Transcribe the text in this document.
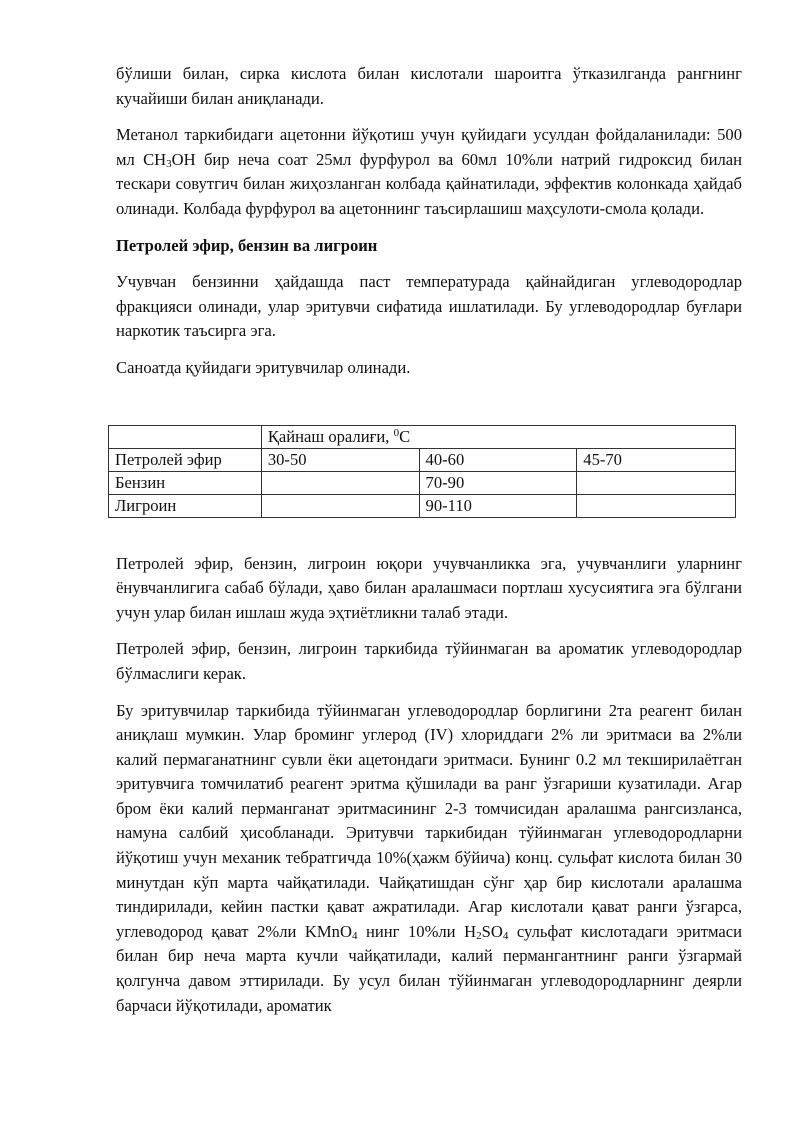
бўлиши билан, сирка кислота билан кислотали шароитга ўтказилганда рангнинг кучайиши билан аниқланади.

Метанол таркибидаги ацетонни йўқотиш учун қуйидаги усулдан фойдаланилади: 500 мл $CH_3OH$ бир неча соат 25мл фурфурол ва 60мл 10%ли натрий гидроксид билан тескари совутгич билан жиҳозланган колбада қайнатилади, эффектив колонкада ҳайдаб олинади. Колбада фурфурол ва ацетоннинг таъсирлашиш маҳсулоти-смола қолади.

Петролей эфир, бензин ва лигроин

Учувчан бензинни ҳайдашда паст температурада қайнайдиган углеводородлар фракцияси олинади, улар эритувчи сифатида ишлатилади. Бу углеводородлар буғлари наркотик таъсирга эга.

Саноатда қуйидаги эритувчилар олинади.

	Қайнаш оралиғи, $^0$С		
Петролей эфир	30-50	40-60	45-70
Бензин		70-90	
Лигроин		90-110	

Петролей эфир, бензин, лигроин юқори учувчанликка эга, учувчанлиги уларнинг ёнувчанлигига сабаб бўлади, ҳаво билан аралашмаси портлаш хусусиятига эга бўлгани учун улар билан ишлаш жуда эҳтиётликни талаб этади.

Петролей эфир, бензин, лигроин таркибида тўйинмаган ва ароматик углеводородлар бўлмаслиги керак.

Бу эритувчилар таркибида тўйинмаган углеводородлар борлигини 2та реагент билан аниқлаш мумкин. Улар броминг углерод (IV) хлориддаги 2% ли эритмаси ва 2%ли калий пермаганатнинг сувли ёки ацетондаги эритмаси. Бунинг 0.2 мл текширилаётган эритувчига томчилатиб реагент эритма қўшилади ва ранг ўзгариши кузатилади. Агар бром ёки калий перманганат эритмасининг 2-3 томчисидан аралашма рангсизланса, намуна салбий ҳисобланади. Эритувчи таркибидан тўйинмаган углеводородларни йўқотиш учун механик тебратгичда 10%(ҳажм бўйича) конц. сульфат кислота билан 30 минутдан кўп марта чайқатилади. Чайқатишдан сўнг ҳар бир кислотали аралашма тиндирилади, кейин пастки қават ажратилади. Агар кислотали қават ранги ўзгарса, углеводород қават 2%ли KMnO$_4$ нинг 10%ли $H_2SO_4$ сульфат кислотадаги эритмаси билан бир неча марта кучли чайқатилади, калий пермангантнинг ранги ўзгармай қолгунча давом эттирилади. Бу усул билан тўйинмаган углеводородларнинг деярли барчаси йўқотилади, ароматик
